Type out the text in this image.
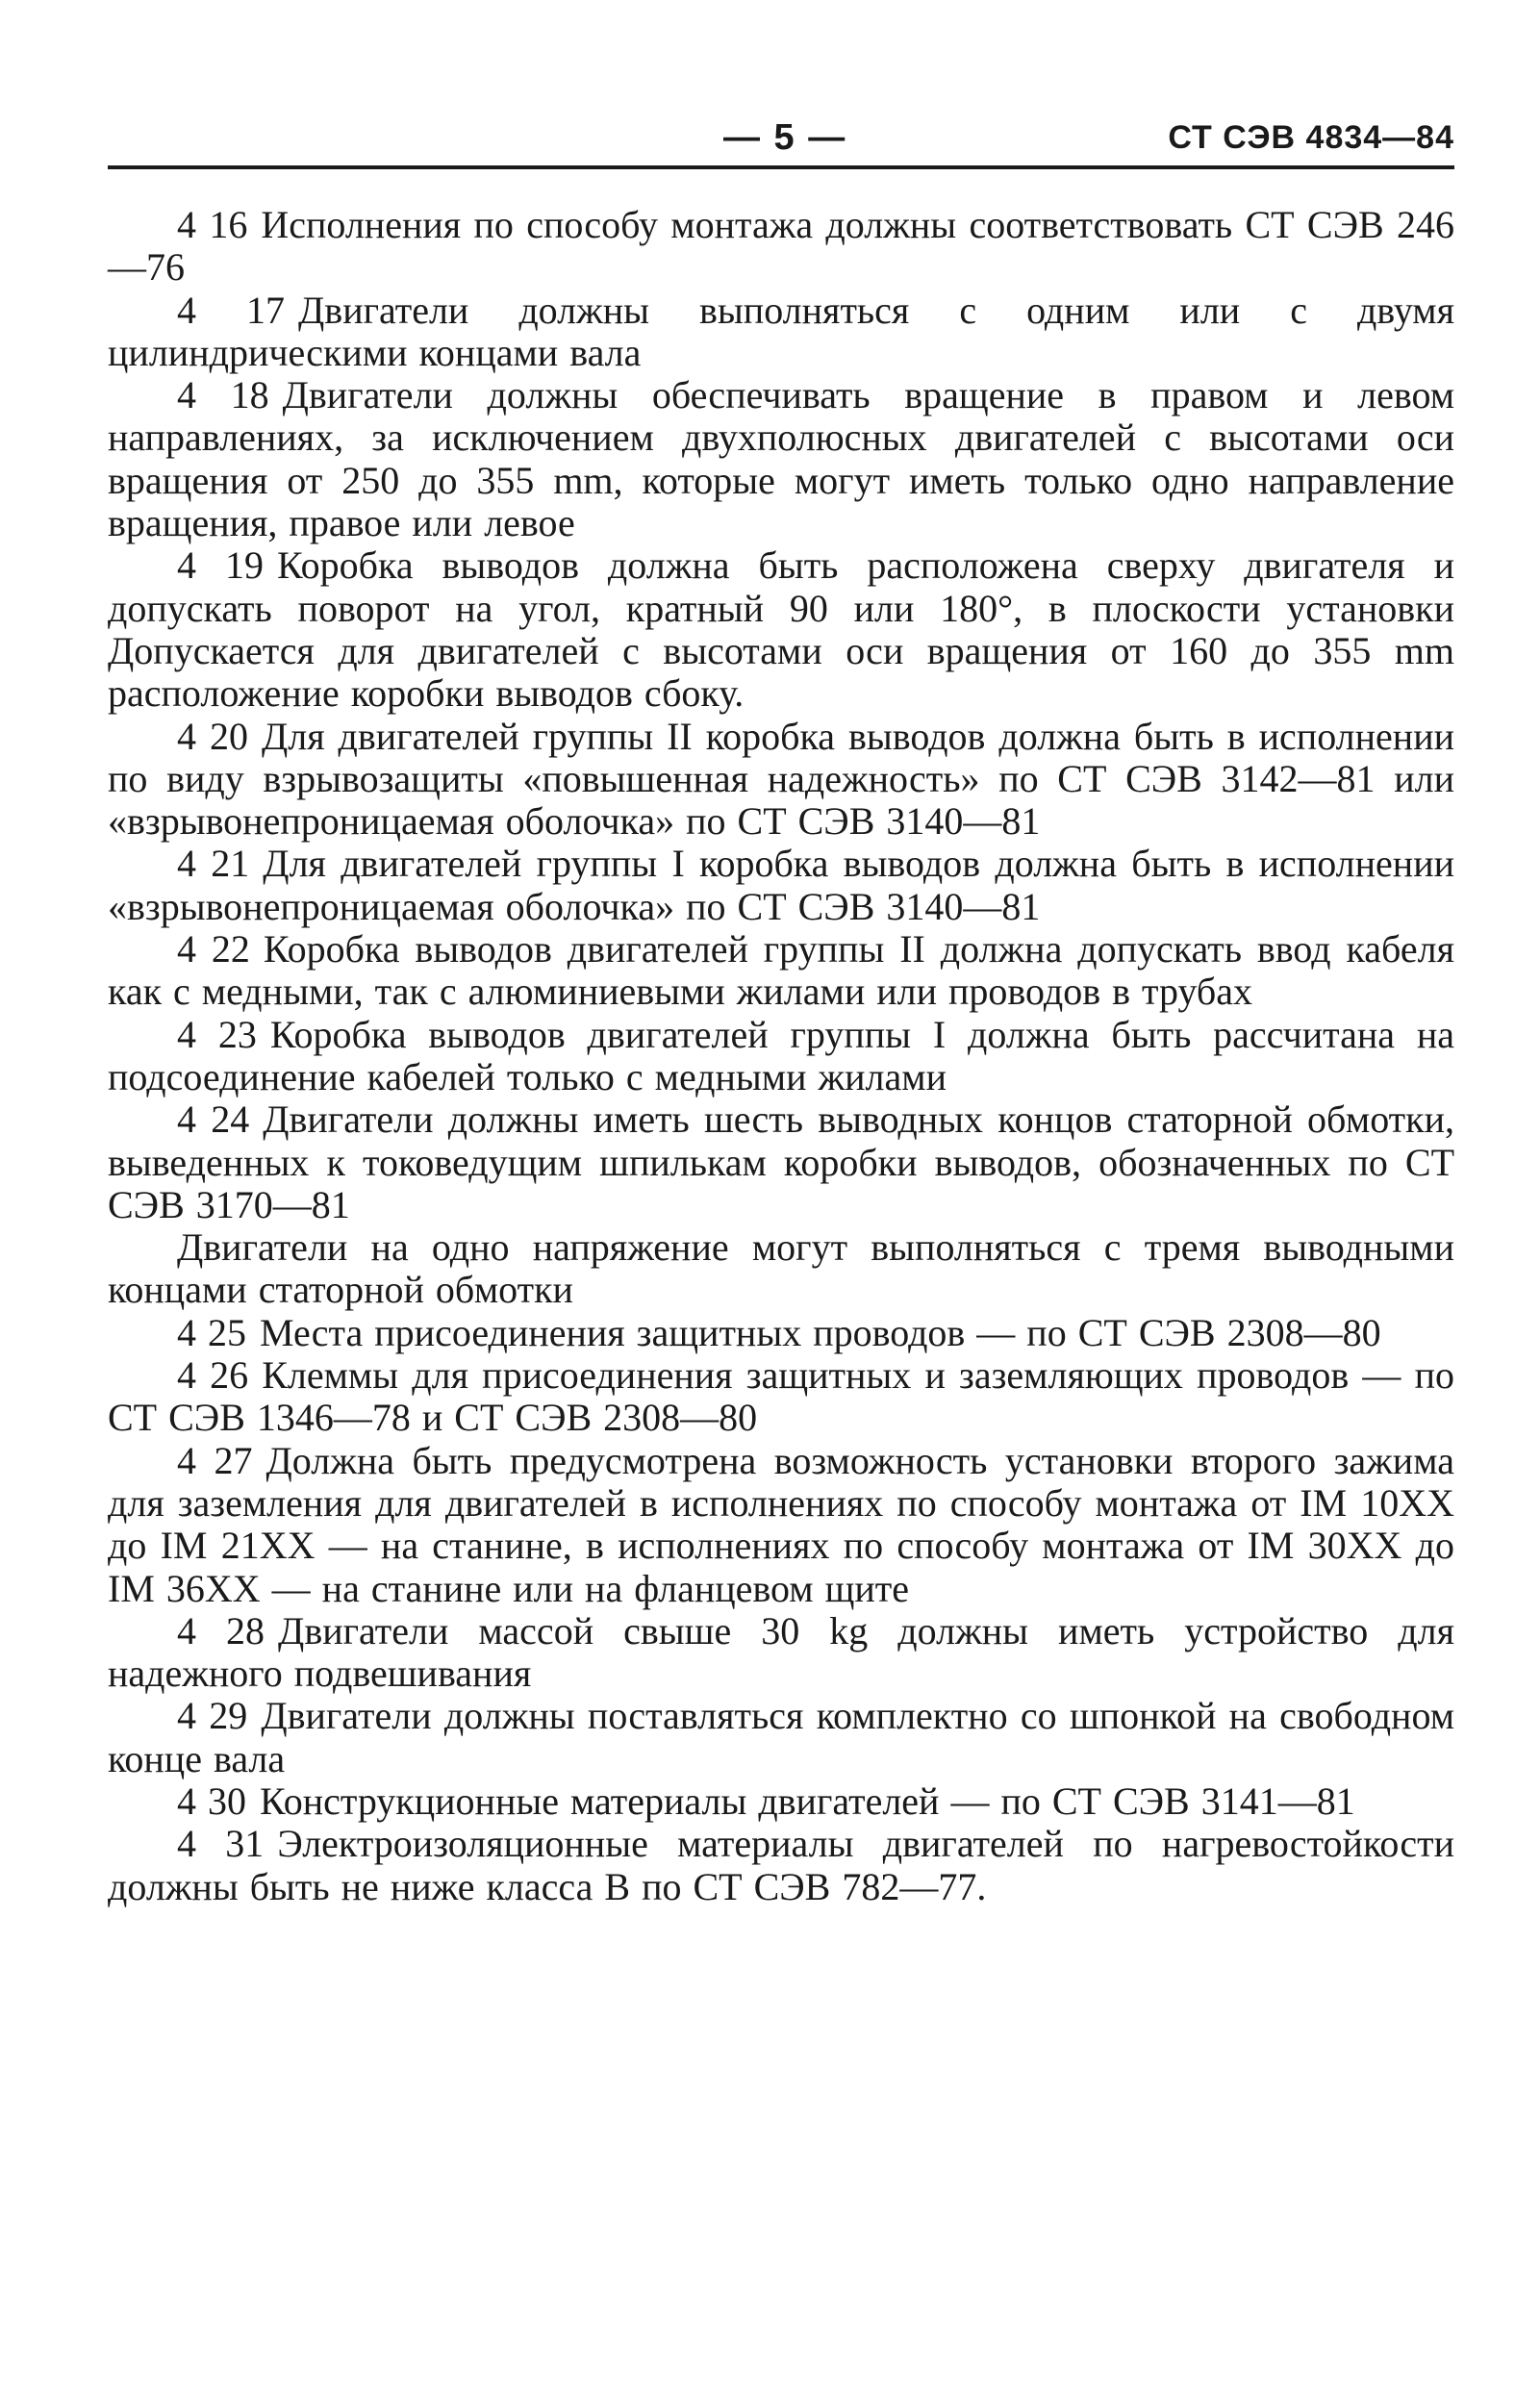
— 5 —	СТ СЭВ 4834—84

4 16 Исполнения по способу монтажа должны соответствовать СТ СЭВ 246—76

4 17 Двигатели должны выполняться с одним или с двумя цилиндрическими концами вала

4 18 Двигатели должны обеспечивать вращение в правом и левом направлениях, за исключением двухполюсных двигателей с высотами оси вращения от 250 до 355 mm, которые могут иметь только одно направление вращения, правое или левое

4 19 Коробка выводов должна быть расположена сверху двигателя и допускать поворот на угол, кратный 90 или 180°, в плоскости установки Допускается для двигателей с высотами оси вращения от 160 до 355 mm расположение коробки выводов сбоку.

4 20 Для двигателей группы II коробка выводов должна быть в исполнении по виду взрывозащиты «повышенная надежность» по СТ СЭВ 3142—81 или «взрывонепроницаемая оболочка» по СТ СЭВ 3140—81

4 21 Для двигателей группы I коробка выводов должна быть в исполнении «взрывонепроницаемая оболочка» по СТ СЭВ 3140—81

4 22 Коробка выводов двигателей группы II должна допускать ввод кабеля как с медными, так с алюминиевыми жилами или проводов в трубах

4 23 Коробка выводов двигателей группы I должна быть рассчитана на подсоединение кабелей только с медными жилами

4 24 Двигатели должны иметь шесть выводных концов статорной обмотки, выведенных к токоведущим шпилькам коробки выводов, обозначенных по СТ СЭВ 3170—81

Двигатели на одно напряжение могут выполняться с тремя выводными концами статорной обмотки

4 25 Места присоединения защитных проводов — по СТ СЭВ 2308—80

4 26 Клеммы для присоединения защитных и заземляющих проводов — по СТ СЭВ 1346—78 и СТ СЭВ 2308—80

4 27 Должна быть предусмотрена возможность установки второго зажима для заземления для двигателей в исполнениях по способу монтажа от IM 10XX до IM 21XX — на станине, в исполнениях по способу монтажа от IM 30XX до IM 36XX — на станине или на фланцевом щите

4 28 Двигатели массой свыше 30 kg должны иметь устройство для надежного подвешивания

4 29 Двигатели должны поставляться комплектно со шпонкой на свободном конце вала

4 30 Конструкционные материалы двигателей — по СТ СЭВ 3141—81

4 31 Электроизоляционные материалы двигателей по нагревостойкости должны быть не ниже класса В по СТ СЭВ 782—77.
